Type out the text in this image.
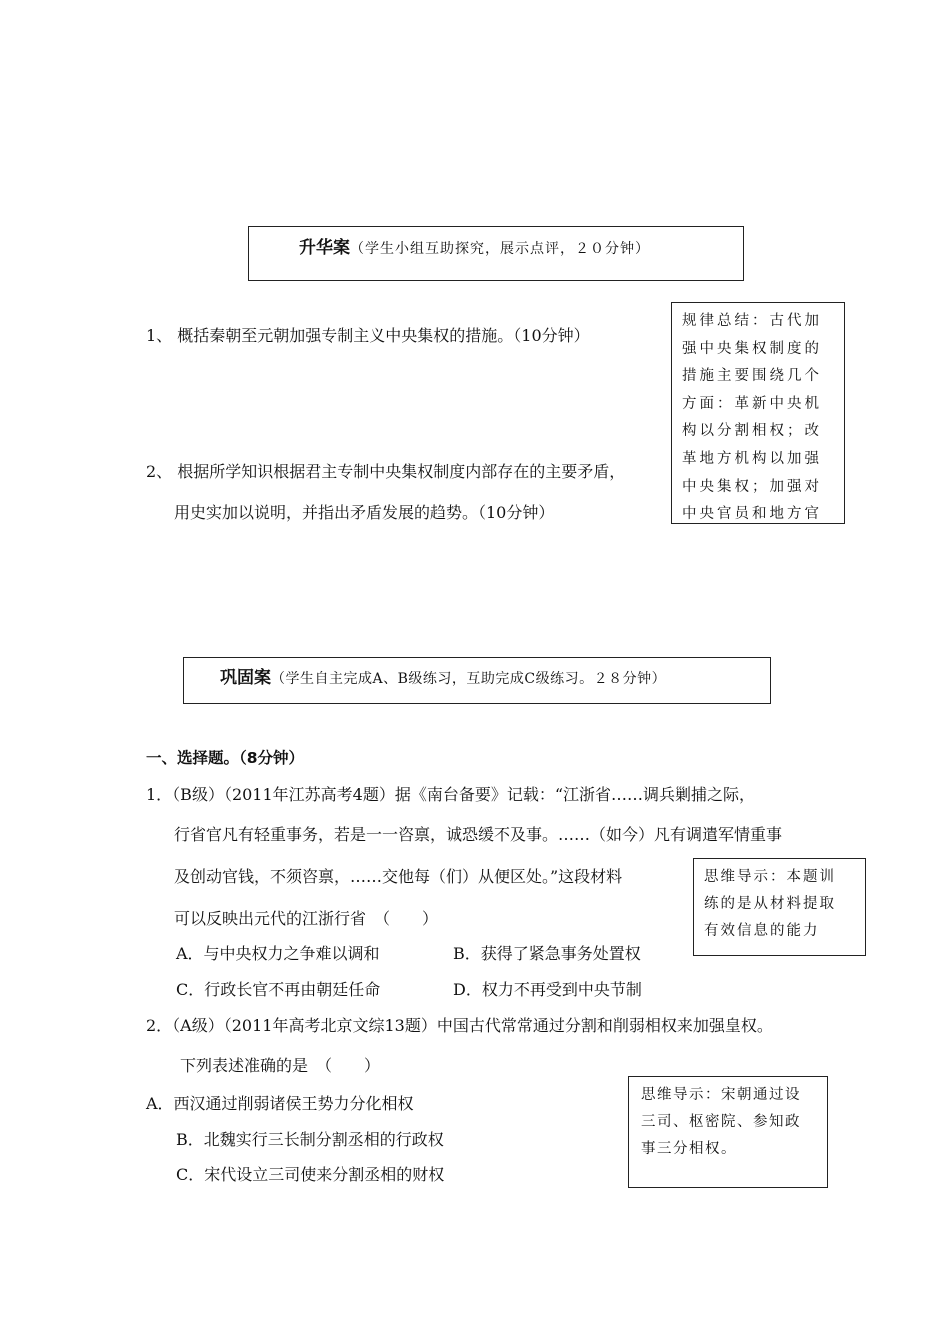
升华案（学生小组互助探究，展示点评，２０分钟）
1、 概括秦朝至元朝加强专制主义中央集权的措施。（10分钟）
2、 根据所学知识根据君主专制中央集权制度内部存在的主要矛盾，
用史实加以说明，并指出矛盾发展的趋势。（10分钟）
规律总结：古代加
强中央集权制度的
措施主要围绕几个
方面：革新中央机
构以分割相权；改
革地方机构以加强
中央集权；加强对
中央官员和地方官
巩固案（学生自主完成A、B级练习，互助完成C级练习。２８分钟）
一、选择题。（8分钟）
1．（B级）（2011年江苏高考4题）据《南台备要》记载：“江浙省……调兵剿捕之际，
行省官凡有轻重事务，若是一一咨禀，诚恐缓不及事。……（如今）凡有调遣军情重事
及创动官钱，不须咨禀，……交他每（们）从便区处。”这段材料
可以反映出元代的江浙行省　（　　）
A．与中央权力之争难以调和	B．获得了紧急事务处置权
C．行政长官不再由朝廷任命	D．权力不再受到中央节制
思维导示：本题训
练的是从材料提取
有效信息的能力
2．（A级）（2011年高考北京文综13题）中国古代常常通过分割和削弱相权来加强皇权。
下列表述准确的是　（　　）
A．西汉通过削弱诸侯王势力分化相权
B．北魏实行三长制分割丞相的行政权
C．宋代设立三司使来分割丞相的财权
思维导示：宋朝通过设
三司、枢密院、参知政
事三分相权。
